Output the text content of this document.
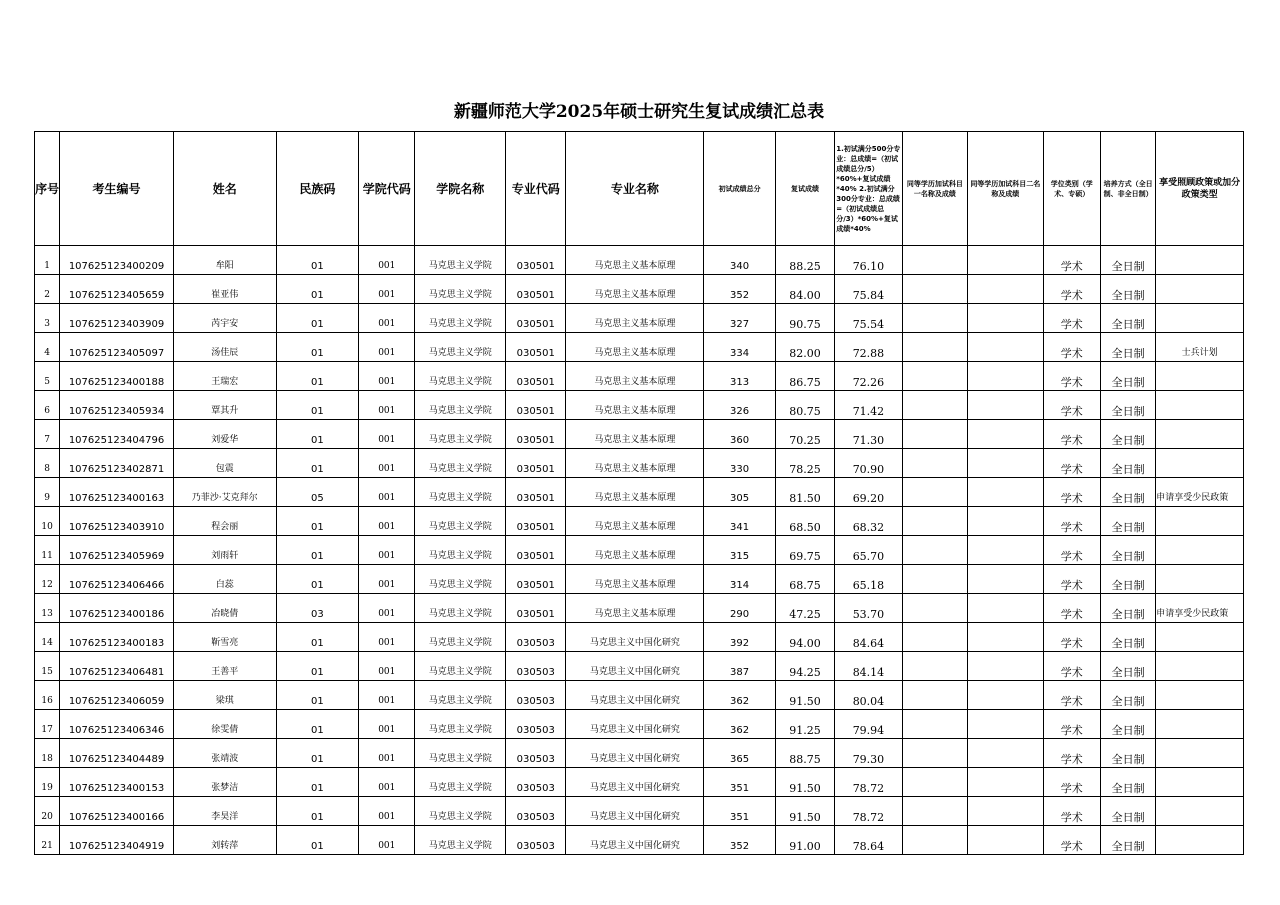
新疆师范大学2025年硕士研究生复试成绩汇总表
序号	考生编号	姓名	民族码	学院代码	学院名称	专业代码	专业名称	初试成绩总分	复试成绩	1.初试满分500分专业：总成绩=（初试成绩总分/5）*60%+复试成绩*40% 2.初试满分300分专业：总成绩=（初试成绩总分/3）*60%+复试成绩*40%	同等学历加试科目一名称及成绩	同等学历加试科目二名称及成绩	学位类别（学术、专硕）	培养方式（全日制、非全日制）	享受照顾政策或加分政策类型
1	107625123400209	牟阳	01	001	马克思主义学院	030501	马克思主义基本原理	340	88.25	76.10			学术	全日制	
2	107625123405659	崔亚伟	01	001	马克思主义学院	030501	马克思主义基本原理	352	84.00	75.84			学术	全日制	
3	107625123403909	芮宇安	01	001	马克思主义学院	030501	马克思主义基本原理	327	90.75	75.54			学术	全日制	
4	107625123405097	汤佳辰	01	001	马克思主义学院	030501	马克思主义基本原理	334	82.00	72.88			学术	全日制	士兵计划
5	107625123400188	王瑞宏	01	001	马克思主义学院	030501	马克思主义基本原理	313	86.75	72.26			学术	全日制	
6	107625123405934	覃其升	01	001	马克思主义学院	030501	马克思主义基本原理	326	80.75	71.42			学术	全日制	
7	107625123404796	刘爱华	01	001	马克思主义学院	030501	马克思主义基本原理	360	70.25	71.30			学术	全日制	
8	107625123402871	包震	01	001	马克思主义学院	030501	马克思主义基本原理	330	78.25	70.90			学术	全日制	
9	107625123400163	乃菲沙·艾克拜尔	05	001	马克思主义学院	030501	马克思主义基本原理	305	81.50	69.20			学术	全日制	申请享受少民政策
10	107625123403910	程会丽	01	001	马克思主义学院	030501	马克思主义基本原理	341	68.50	68.32			学术	全日制	
11	107625123405969	刘雨轩	01	001	马克思主义学院	030501	马克思主义基本原理	315	69.75	65.70			学术	全日制	
12	107625123406466	白蕊	01	001	马克思主义学院	030501	马克思主义基本原理	314	68.75	65.18			学术	全日制	
13	107625123400186	冶晓倩	03	001	马克思主义学院	030501	马克思主义基本原理	290	47.25	53.70			学术	全日制	申请享受少民政策
14	107625123400183	靳雪亮	01	001	马克思主义学院	030503	马克思主义中国化研究	392	94.00	84.64			学术	全日制	
15	107625123406481	王善平	01	001	马克思主义学院	030503	马克思主义中国化研究	387	94.25	84.14			学术	全日制	
16	107625123406059	梁琪	01	001	马克思主义学院	030503	马克思主义中国化研究	362	91.50	80.04			学术	全日制	
17	107625123406346	徐雯倩	01	001	马克思主义学院	030503	马克思主义中国化研究	362	91.25	79.94			学术	全日制	
18	107625123404489	张靖波	01	001	马克思主义学院	030503	马克思主义中国化研究	365	88.75	79.30			学术	全日制	
19	107625123400153	张梦洁	01	001	马克思主义学院	030503	马克思主义中国化研究	351	91.50	78.72			学术	全日制	
20	107625123400166	李昊洋	01	001	马克思主义学院	030503	马克思主义中国化研究	351	91.50	78.72			学术	全日制	
21	107625123404919	刘转萍	01	001	马克思主义学院	030503	马克思主义中国化研究	352	91.00	78.64			学术	全日制	
